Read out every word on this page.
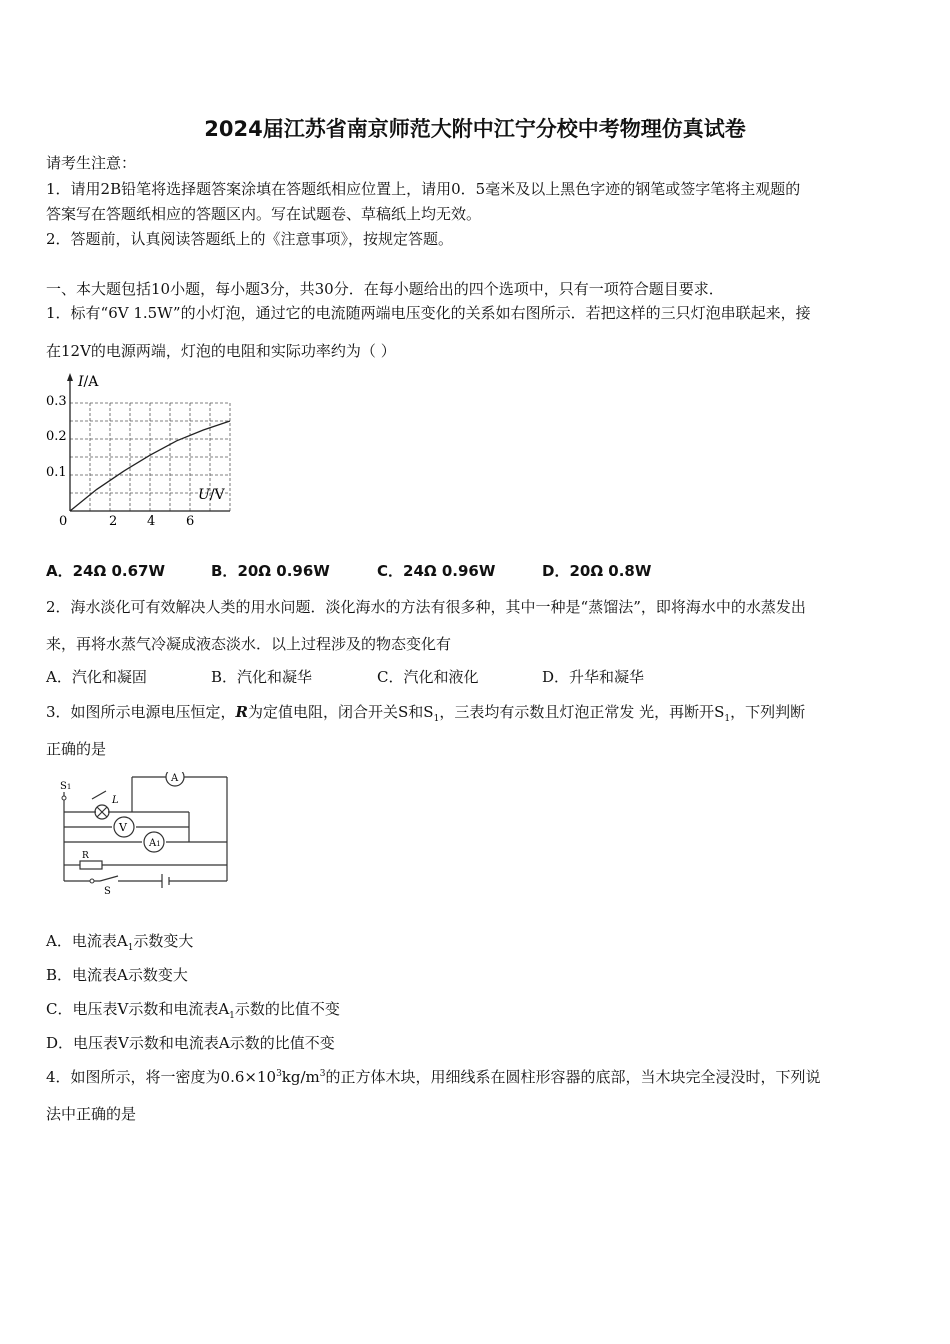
2024届江苏省南京师范大附中江宁分校中考物理仿真试卷
请考生注意：
1．请用2B铅笔将选择题答案涂填在答题纸相应位置上，请用0．5毫米及以上黑色字迹的钢笔或签字笔将主观题的
答案写在答题纸相应的答题区内。写在试题卷、草稿纸上均无效。
2．答题前，认真阅读答题纸上的《注意事项》，按规定答题。
一、本大题包括10小题，每小题3分，共30分．在每小题给出的四个选项中，只有一项符合题目要求．
1．标有“6V 1.5W”的小灯泡，通过它的电流随两端电压变化的关系如右图所示．若把这样的三只灯泡串联起来，接
在12V的电源两端，灯泡的电阻和实际功率约为（ ）
I/A
U/V
0.3
0.2
0.1
0	2 4 6
A．24Ω 0.67W	B．20Ω 0.96W	C．24Ω 0.96W	D．20Ω 0.8W
2．海水淡化可有效解决人类的用水问题．淡化海水的方法有很多种，其中一种是“蒸馏法”，即将海水中的水蒸发出
来，再将水蒸气冷凝成液态淡水．以上过程涉及的物态变化有
A．汽化和凝固	B．汽化和凝华	C．汽化和液化	D．升华和凝华
3．如图所示电源电压恒定，R为定值电阻，闭合开关S和$S_1$，三表均有示数且灯泡正常发 光，再断开$S_1$，下列判断
正确的是
S1
L
A
V
A1
R
S
A．电流表$A_1$示数变大
B．电流表A示数变大
C．电压表V示数和电流表$A_1$示数的比值不变
D．电压表V示数和电流表A示数的比值不变
4．如图所示，将一密度为$0.6\times 10^3kg/m^3$的正方体木块，用细线系在圆柱形容器的底部，当木块完全浸没时，下列说
法中正确的是
